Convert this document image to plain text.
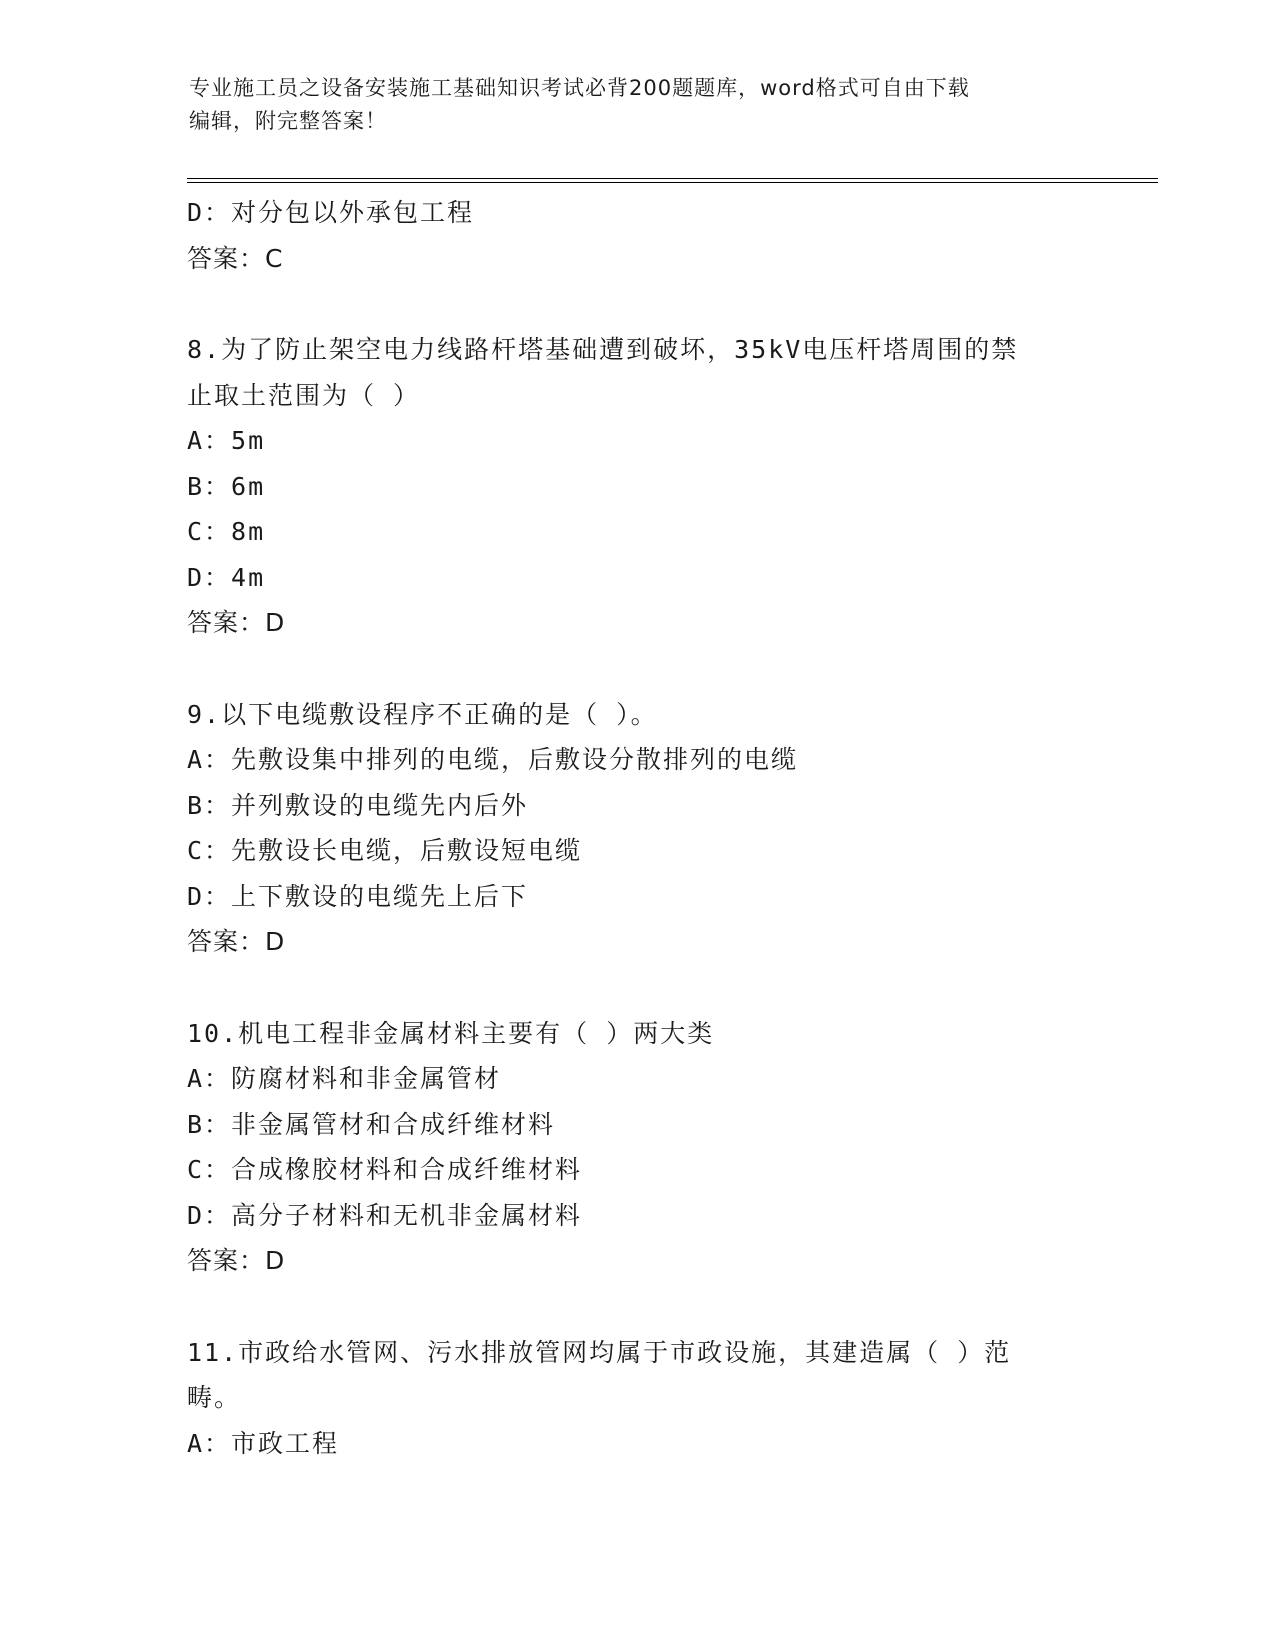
专业施工员之设备安装施工基础知识考试必背200题题库，word格式可自由下载
编辑，附完整答案！
D：对分包以外承包工程
答案：C
8.为了防止架空电力线路杆塔基础遭到破坏，35kV电压杆塔周围的禁
止取土范围为（ ）
A：5m
B：6m
C：8m
D：4m
答案：D
9.以下电缆敷设程序不正确的是（ ）。
A：先敷设集中排列的电缆，后敷设分散排列的电缆
B：并列敷设的电缆先内后外
C：先敷设长电缆，后敷设短电缆
D：上下敷设的电缆先上后下
答案：D
10.机电工程非金属材料主要有（ ）两大类
A：防腐材料和非金属管材
B：非金属管材和合成纤维材料
C：合成橡胶材料和合成纤维材料
D：高分子材料和无机非金属材料
答案：D
11.市政给水管网、污水排放管网均属于市政设施，其建造属（ ）范
畴。
A：市政工程
